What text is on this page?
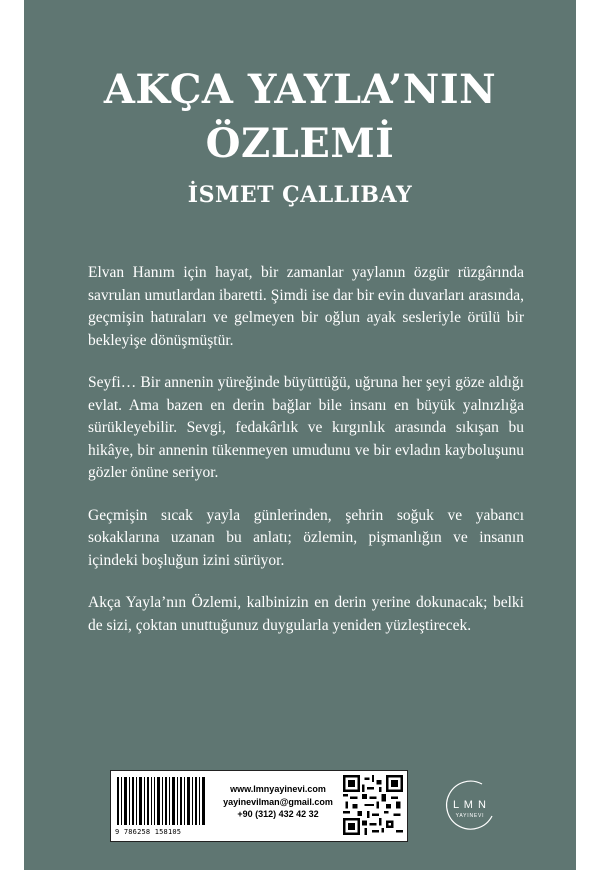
AKÇA YAYLA’NIN
ÖZLEMİ
İSMET ÇALLIBAY

Elvan Hanım için hayat, bir zamanlar yaylanın özgür rüzgârında savrulan umutlardan ibaretti. Şimdi ise dar bir evin duvarları arasında, geçmişin hatıraları ve gelmeyen bir oğlun ayak sesleriyle örülü bir bekleyişe dönüşmüştür.

Seyfi… Bir annenin yüreğinde büyüttüğü, uğruna her şeyi göze aldığı evlat. Ama bazen en derin bağlar bile insanı en büyük yalnızlığa sürükleyebilir. Sevgi, fedakârlık ve kırgınlık arasında sıkışan bu hikâye, bir annenin tükenmeyen umudunu ve bir evladın kayboluşunu gözler önüne seriyor.

Geçmişin sıcak yayla günlerinden, şehrin soğuk ve yabancı sokaklarına uzanan bu anlatı; özlemin, pişmanlığın ve insanın içindeki boşluğun izini sürüyor.

Akça Yayla’nın Özlemi, kalbinizin en derin yerine dokunacak; belki de sizi, çoktan unuttuğunuz duygularla yeniden yüzleştirecek.

9 786258 158105
www.lmnyayinevi.com
yayinevilman@gmail.com
+90 (312) 432 42 32
L M N
YAYINEVI
